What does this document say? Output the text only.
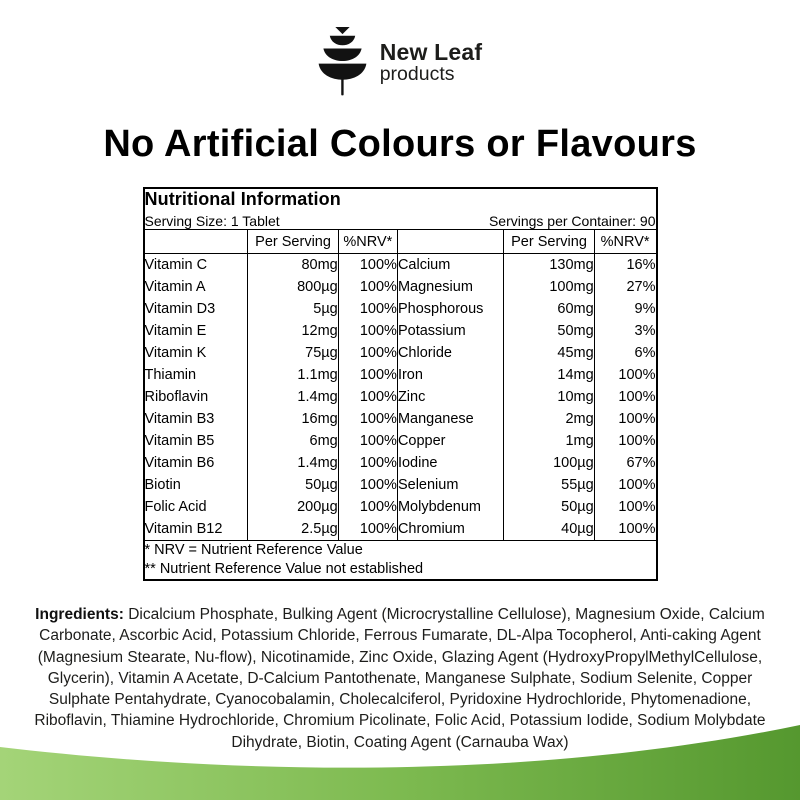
New Leaf
products
No Artificial Colours or Flavours
Nutritional Information
Serving Size: 1 Tablet Servings per Container: 90					

	Per Serving	%NRV*		Per Serving	%NRV*
Vitamin C	80mg	100%	Calcium	130mg	16%
Vitamin A	800µg	100%	Magnesium	100mg	27%
Vitamin D3	5µg	100%	Phosphorous	60mg	9%
Vitamin E	12mg	100%	Potassium	50mg	3%
Vitamin K	75µg	100%	Chloride	45mg	6%
Thiamin	1.1mg	100%	Iron	14mg	100%
Riboflavin	1.4mg	100%	Zinc	10mg	100%
Vitamin B3	16mg	100%	Manganese	2mg	100%
Vitamin B5	6mg	100%	Copper	1mg	100%
Vitamin B6	1.4mg	100%	Iodine	100µg	67%
Biotin	50µg	100%	Selenium	55µg	100%
Folic Acid	200µg	100%	Molybdenum	50µg	100%
Vitamin B12	2.5µg	100%	Chromium	40µg	100%

* NRV = Nutrient Reference Value
** Nutrient Reference Value not established					

Ingredients: Dicalcium Phosphate, Bulking Agent (Microcrystalline Cellulose), Magnesium Oxide, Calcium Carbonate, Ascorbic Acid, Potassium Chloride, Ferrous Fumarate, DL-Alpa Tocopherol, Anti-caking Agent (Magnesium Stearate, Nu-flow), Nicotinamide, Zinc Oxide, Glazing Agent (HydroxyPropylMethylCellulose, Glycerin), Vitamin A Acetate, D-Calcium Pantothenate, Manganese Sulphate, Sodium Selenite, Copper Sulphate Pentahydrate, Cyanocobalamin, Cholecalciferol, Pyridoxine Hydrochloride, Phytomenadione, Riboflavin, Thiamine Hydrochloride, Chromium Picolinate, Folic Acid, Potassium Iodide, Sodium Molybdate Dihydrate, Biotin, Coating Agent (Carnauba Wax)
